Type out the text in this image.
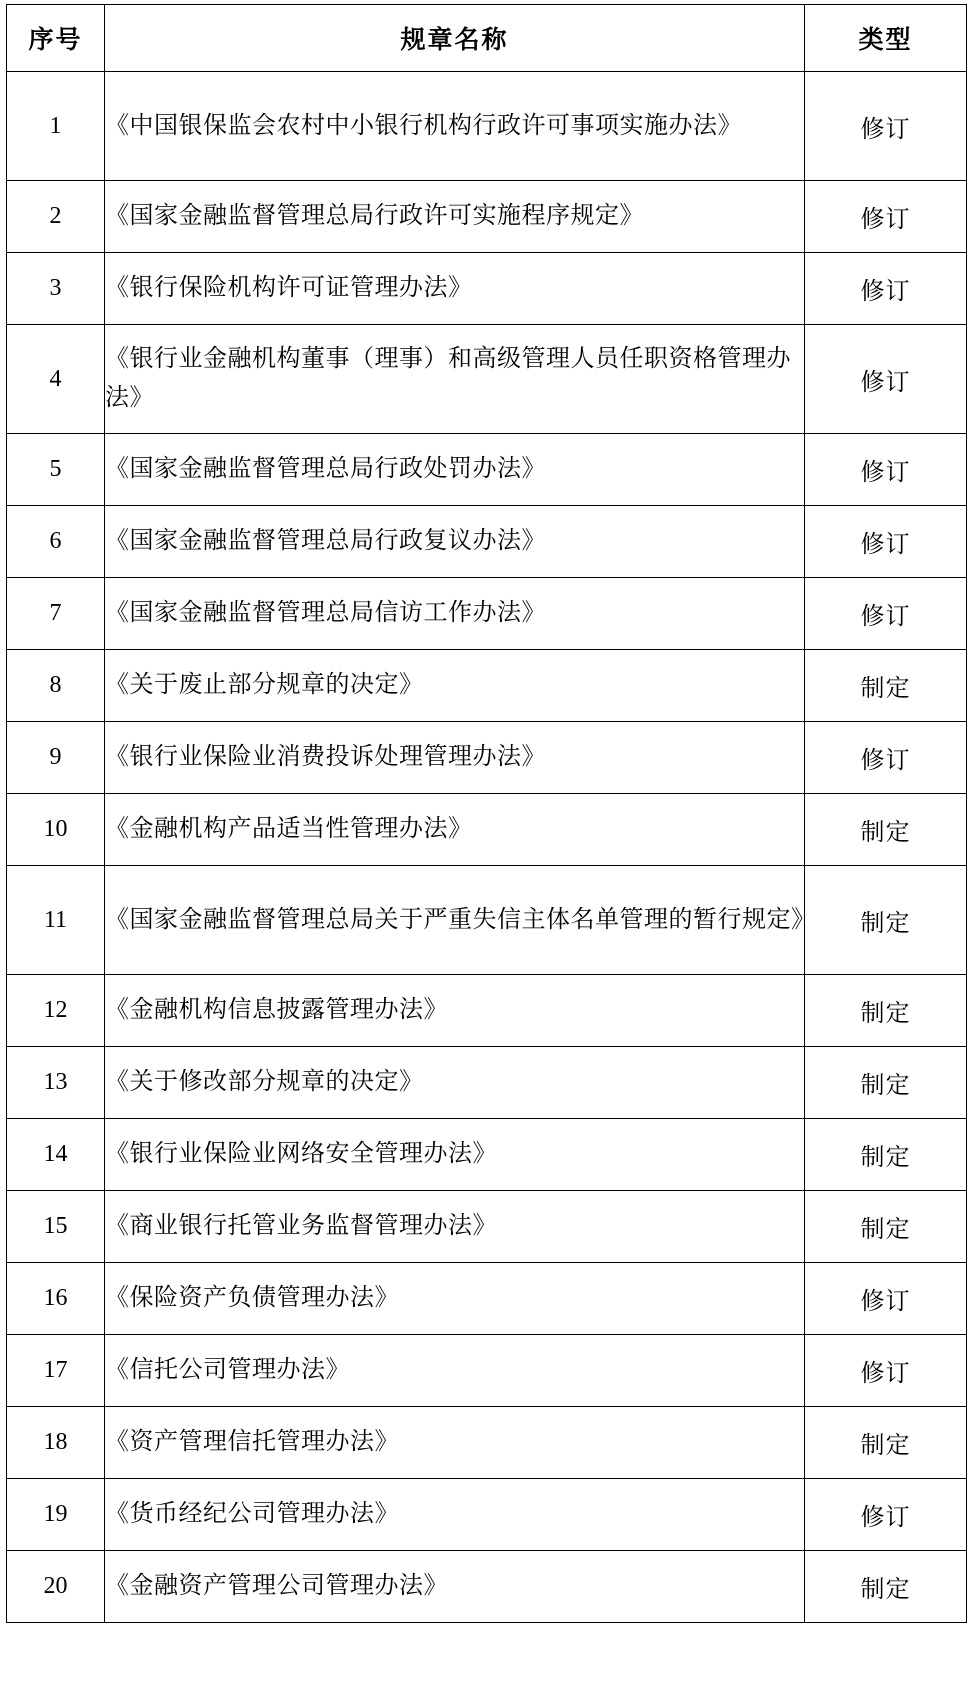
序号	规章名称	类型
1	《中国银保监会农村中小银行机构行政许可事项实施办法》	修订
2	《国家金融监督管理总局行政许可实施程序规定》	修订
3	《银行保险机构许可证管理办法》	修订
4	《银行业金融机构董事（理事）和高级管理人员任职资格管理办法》	修订
5	《国家金融监督管理总局行政处罚办法》	修订
6	《国家金融监督管理总局行政复议办法》	修订
7	《国家金融监督管理总局信访工作办法》	修订
8	《关于废止部分规章的决定》	制定
9	《银行业保险业消费投诉处理管理办法》	修订
10	《金融机构产品适当性管理办法》	制定
11	《国家金融监督管理总局关于严重失信主体名单管理的暂行规定》	制定
12	《金融机构信息披露管理办法》	制定
13	《关于修改部分规章的决定》	制定
14	《银行业保险业网络安全管理办法》	制定
15	《商业银行托管业务监督管理办法》	制定
16	《保险资产负债管理办法》	修订
17	《信托公司管理办法》	修订
18	《资产管理信托管理办法》	制定
19	《货币经纪公司管理办法》	修订
20	《金融资产管理公司管理办法》	制定
